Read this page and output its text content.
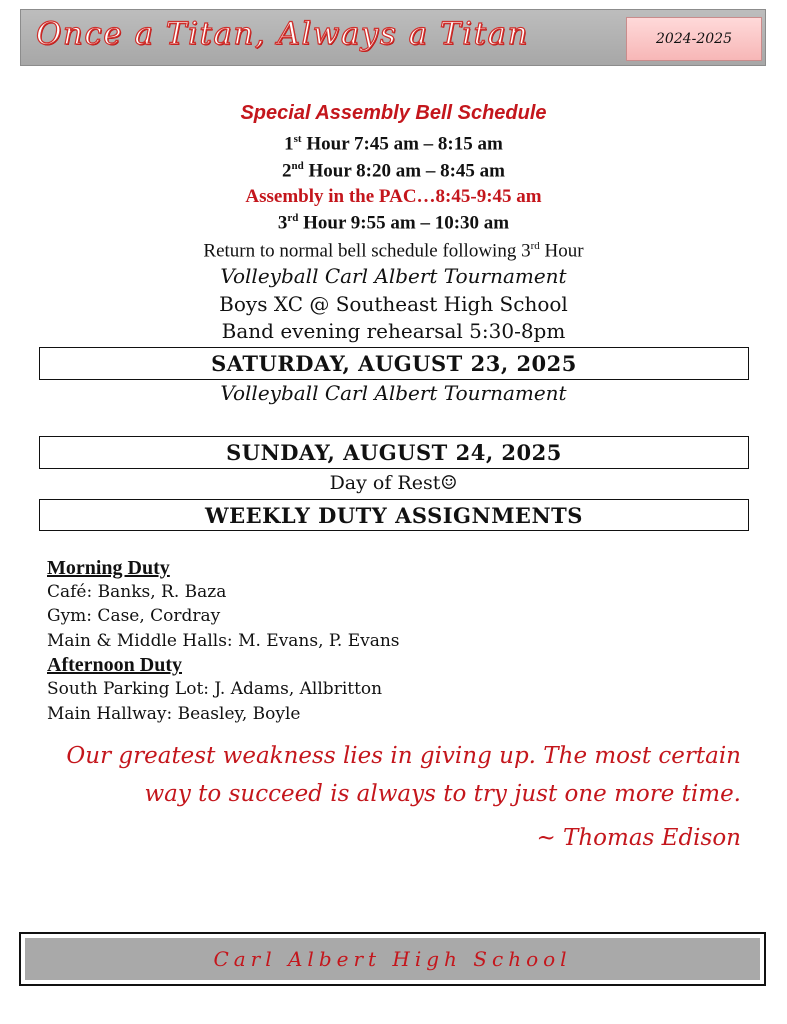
Once a Titan, Always a Titan	2024-2025
Special Assembly Bell Schedule
1st Hour 7:45 am – 8:15 am
2nd Hour 8:20 am – 8:45 am
Assembly in the PAC…8:45-9:45 am
3rd Hour 9:55 am – 10:30 am
Return to normal bell schedule following 3rd Hour
Volleyball Carl Albert Tournament
Boys XC @ Southeast High School
Band evening rehearsal 5:30-8pm
SATURDAY, AUGUST 23, 2025
Volleyball Carl Albert Tournament
SUNDAY, AUGUST 24, 2025
Day of Rest☺
WEEKLY DUTY ASSIGNMENTS
Morning Duty
Café: Banks, R. Baza
Gym: Case, Cordray
Main & Middle Halls: M. Evans, P. Evans
Afternoon Duty
South Parking Lot: J. Adams, Allbritton
Main Hallway: Beasley, Boyle
Our greatest weakness lies in giving up. The most certain
way to succeed is always to try just one more time.
~ Thomas Edison
Carl Albert High School
